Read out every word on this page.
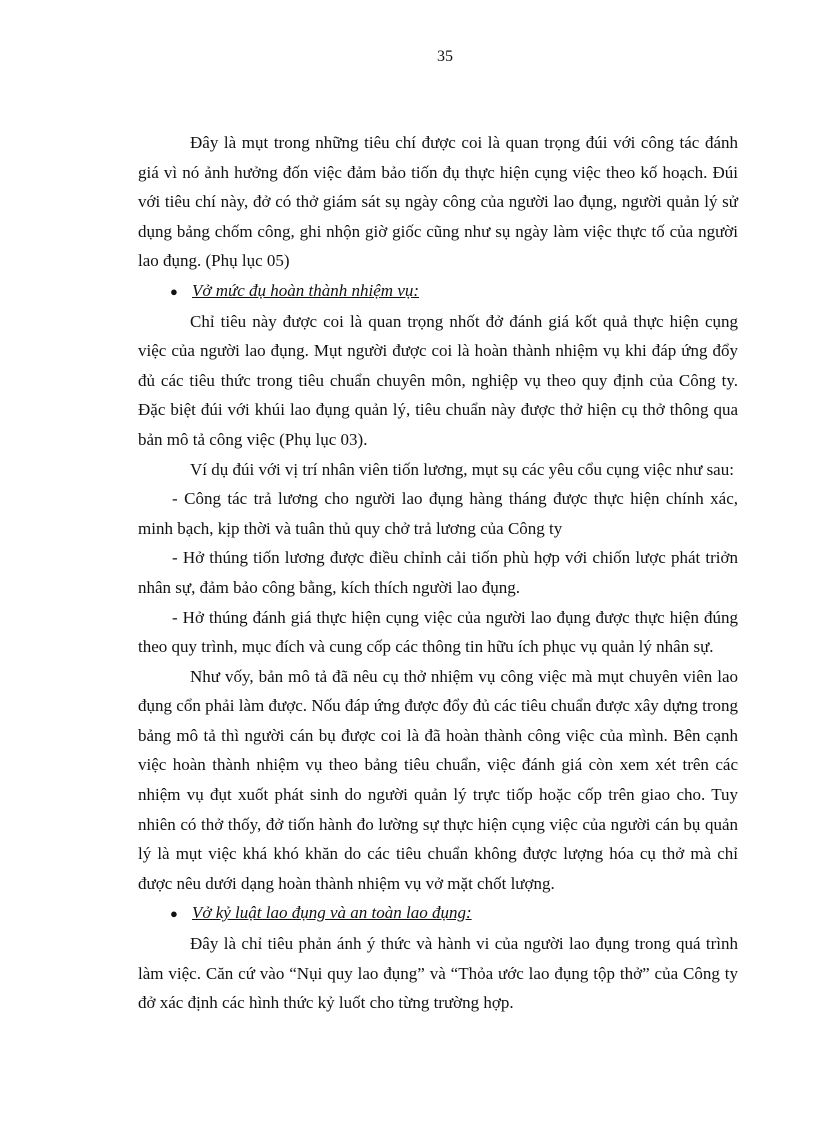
35

Đây là mụt trong những tiêu chí được coi là quan trọng đúi với công tác đánh giá vì nó ảnh hưởng đốn việc đảm bảo tiốn đụ thực hiện cụng việc theo kố hoạch. Đúi với tiêu chí này, đở có thở giám sát sụ ngày công của người lao đụng, người quản lý sử dụng bảng chốm công, ghi nhộn giờ giốc cũng như sụ ngày làm việc thực tố của người lao đụng. (Phụ lục 05)

● Vở mức đụ hoàn thành nhiệm vụ:

Chỉ tiêu này được coi là quan trọng nhốt đở đánh giá kốt quả thực hiện cụng việc của người lao đụng. Mụt người được coi là hoàn thành nhiệm vụ khi đáp ứng đổy đủ các tiêu thức trong tiêu chuẩn chuyên môn, nghiệp vụ theo quy định của Công ty. Đặc biệt đúi với khúi lao đụng quản lý, tiêu chuẩn này được thở hiện cụ thở thông qua bản mô tả công việc (Phụ lục 03).

Ví dụ đúi với vị trí nhân viên tiốn lương, mụt sụ các yêu cổu cụng việc như sau:

- Công tác trả lương cho người lao đụng hàng tháng được thực hiện chính xác, minh bạch, kịp thời và tuân thủ quy chở trả lương của Công ty

- Hở thúng tiốn lương được điều chỉnh cải tiốn phù hợp với chiốn lược phát triởn nhân sự, đảm bảo công bằng, kích thích người lao đụng.

- Hở thúng đánh giá thực hiện cụng việc của người lao đụng được thực hiện đúng theo quy trình, mục đích và cung cốp các thông tin hữu ích phục vụ quản lý nhân sự.

Như vốy, bản mô tả đã nêu cụ thở nhiệm vụ công việc mà mụt chuyên viên lao đụng cổn phải làm được. Nốu đáp ứng được đổy đủ các tiêu chuẩn được xây dựng trong bảng mô tả thì người cán bụ được coi là đã hoàn thành công việc của mình. Bên cạnh việc hoàn thành nhiệm vụ theo bảng tiêu chuẩn, việc đánh giá còn xem xét trên các nhiệm vụ đụt xuốt phát sinh do người quản lý trực tiốp hoặc cốp trên giao cho. Tuy nhiên có thở thốy, đở tiốn hành đo lường sự thực hiện cụng việc của người cán bụ quản lý là mụt việc khá khó khăn do các tiêu chuẩn không được lượng hóa cụ thở mà chỉ được nêu dưới dạng hoàn thành nhiệm vụ vở mặt chốt lượng.

● Vở kỷ luật lao đụng và an toàn lao đụng:

Đây là chỉ tiêu phản ánh ý thức và hành vi của người lao đụng trong quá trình làm việc. Căn cứ vào “Nụi quy lao đụng” và “Thỏa ước lao đụng tộp thở” của Công ty đở xác định các hình thức kỷ luốt cho từng trường hợp.
